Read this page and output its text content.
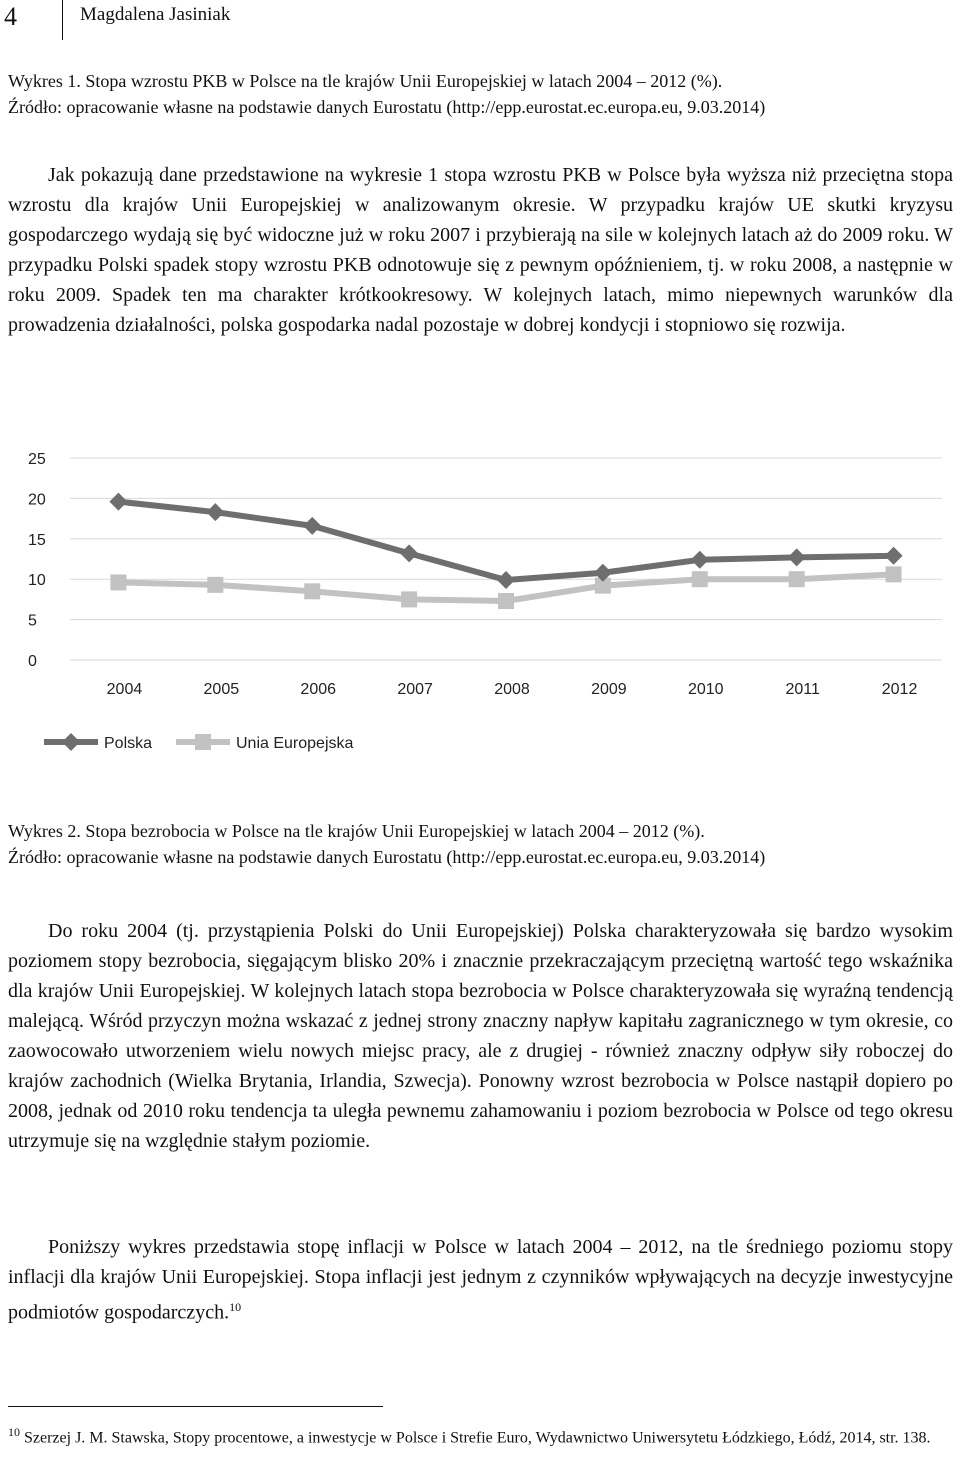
4	Magdalena Jasiniak
Wykres 1. Stopa wzrostu PKB w Polsce na tle krajów Unii Europejskiej w latach 2004 – 2012 (%).
Źródło: opracowanie własne na podstawie danych Eurostatu (http://epp.eurostat.ec.europa.eu, 9.03.2014)

Jak pokazują dane przedstawione na wykresie 1 stopa wzrostu PKB w Polsce była wyższa niż przeciętna stopa wzrostu dla krajów Unii Europejskiej w analizowanym okresie. W przypadku krajów UE skutki kryzysu gospodarczego wydają się być widoczne już w roku 2007 i przybierają na sile w kolejnych latach aż do 2009 roku. W przypadku Polski spadek stopy wzrostu PKB odnotowuje się z pewnym opóźnieniem, tj. w roku 2008, a następnie w roku 2009. Spadek ten ma charakter krótkookresowy. W kolejnych latach, mimo niepewnych warunków dla prowadzenia działalności, polska gospodarka nadal pozostaje w dobrej kondycji i stopniowo się rozwija.

25
20
15
10
5
0
2004	2005	2006	2007	2008	2009	2010	2011	2012
Polska	Unia Europejska
Wykres 2. Stopa bezrobocia w Polsce na tle krajów Unii Europejskiej w latach 2004 – 2012 (%).
Źródło: opracowanie własne na podstawie danych Eurostatu (http://epp.eurostat.ec.europa.eu, 9.03.2014)

Do roku 2004 (tj. przystąpienia Polski do Unii Europejskiej) Polska charakteryzowała się bardzo wysokim poziomem stopy bezrobocia, sięgającym blisko 20% i znacznie przekraczającym przeciętną wartość tego wskaźnika dla krajów Unii Europejskiej. W kolejnych latach stopa bezrobocia w Polsce charakteryzowała się wyraźną tendencją malejącą. Wśród przyczyn można wskazać z jednej strony znaczny napływ kapitału zagranicznego w tym okresie, co zaowocowało utworzeniem wielu nowych miejsc pracy, ale z drugiej - również znaczny odpływ siły roboczej do krajów zachodnich (Wielka Brytania, Irlandia, Szwecja). Ponowny wzrost bezrobocia w Polsce nastąpił dopiero po 2008, jednak od 2010 roku tendencja ta uległa pewnemu zahamowaniu i poziom bezrobocia w Polsce od tego okresu utrzymuje się na względnie stałym poziomie.

Poniższy wykres przedstawia stopę inflacji w Polsce w latach 2004 – 2012, na tle średniego poziomu stopy inflacji dla krajów Unii Europejskiej. Stopa inflacji jest jednym z czynników wpływających na decyzje inwestycyjne podmiotów gospodarczych.$^{10}$

$^{10}$ Szerzej J. M. Stawska, Stopy procentowe, a inwestycje w Polsce i Strefie Euro, Wydawnictwo Uniwersytetu Łódzkiego, Łódź, 2014, str. 138.
